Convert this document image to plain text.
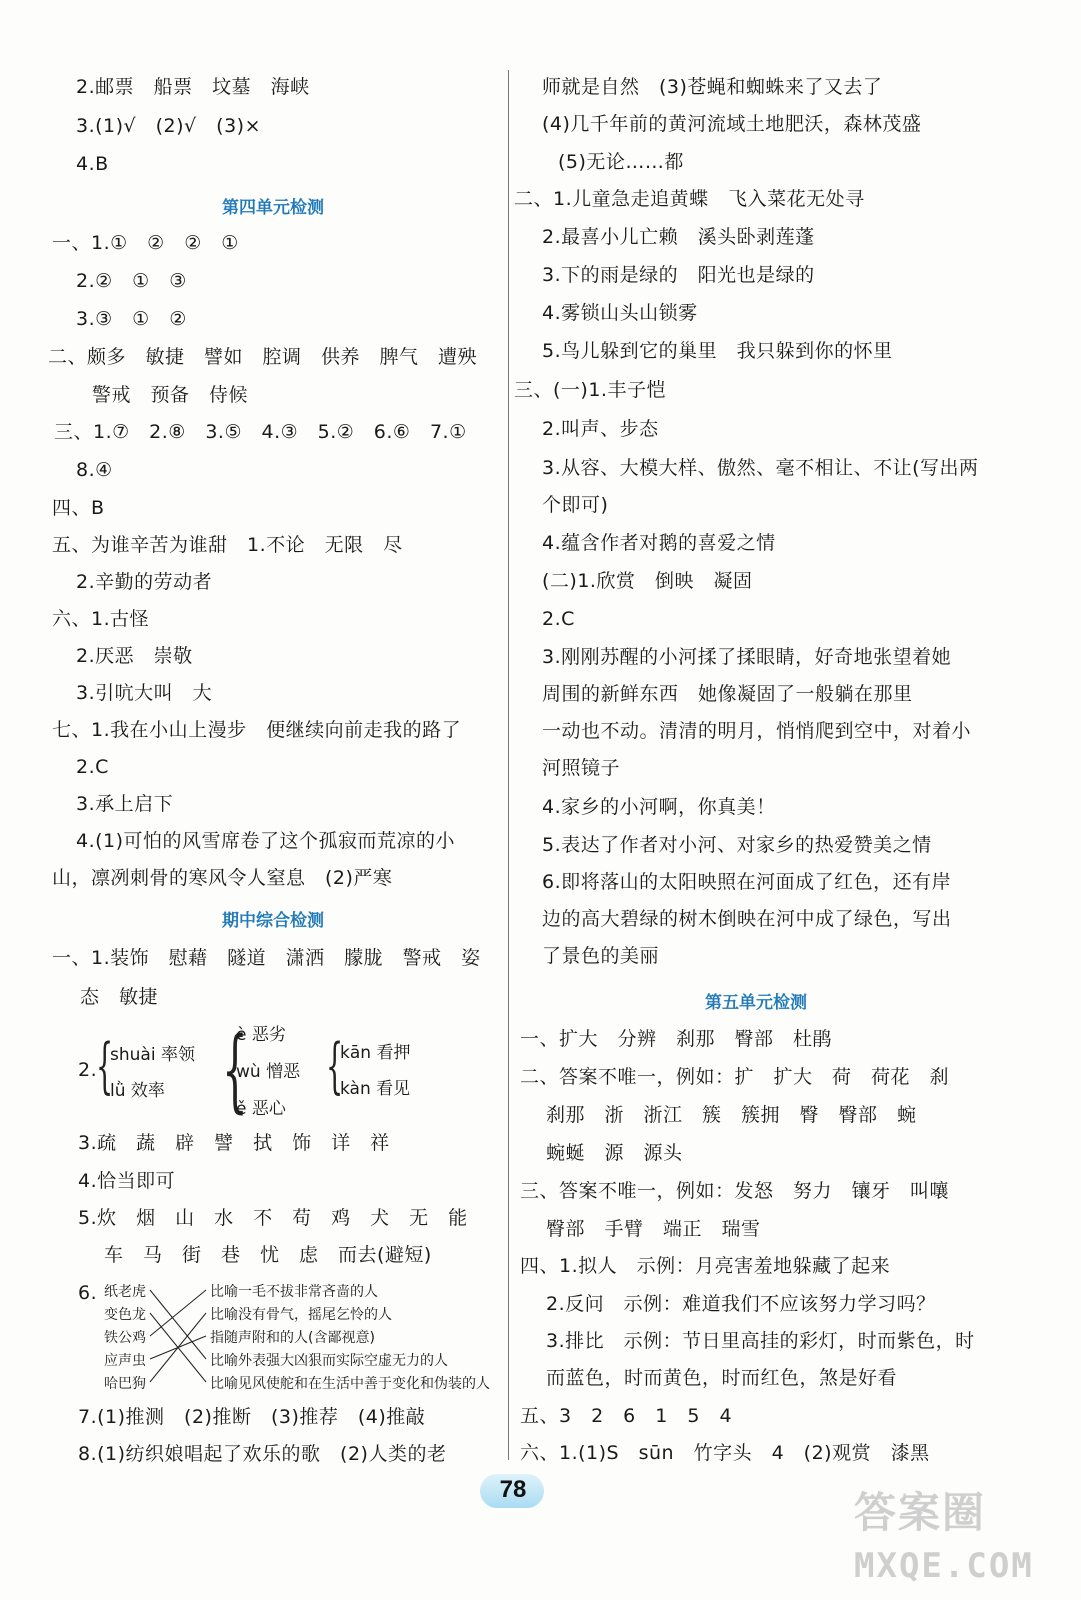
2.邮票　船票　坟墓　海峡
3.(1)√　(2)√　(3)×
4.B
第四单元检测
一、1.①　②　②　①
2.②　①　③
3.③　①　②
二、颇多　敏捷　譬如　腔调　供养　脾气　遭殃
警戒　预备　侍候
三、1.⑦　2.⑧　3.⑤　4.③　5.②　6.⑥　7.①
8.④
四、B
五、为谁辛苦为谁甜　1.不论　无限　尽
2.辛勤的劳动者
六、1.古怪
2.厌恶　崇敬
3.引吭大叫　大
七、1.我在小山上漫步　便继续向前走我的路了
2.C
3.承上启下
4.(1)可怕的风雪席卷了这个孤寂而荒凉的小
山，凛冽刺骨的寒风令人窒息　(2)严寒
期中综合检测
一、1.装饰　慰藉　隧道　潇洒　朦胧　警戒　姿
态　敏捷
2.
{
shuài 率领
lǜ 效率 {
è 恶劣
wù 憎恶
ě 恶心
{
kān 看押
kàn 看见
3.疏　蔬　辟　譬　拭　饰　详　祥
4.恰当即可
5.炊　烟　山　水　不　苟　鸡　犬　无　能
车　马　街　巷　忧　虑　而去(避短)
6. 纸老虎
变色龙
铁公鸡
应声虫
哈巴狗
比喻一毛不拔非常吝啬的人
比喻没有骨气，摇尾乞怜的人
指随声附和的人(含鄙视意)
比喻外表强大凶狠而实际空虚无力的人
比喻见风使舵和在生活中善于变化和伪装的人
7.(1)推测　(2)推断　(3)推荐　(4)推敲
8.(1)纺织娘唱起了欢乐的歌　(2)人类的老
师就是自然　(3)苍蝇和蜘蛛来了又去了
(4)几千年前的黄河流域土地肥沃，森林茂盛
(5)无论……都
二、1.儿童急走追黄蝶　飞入菜花无处寻
2.最喜小儿亡赖　溪头卧剥莲蓬
3.下的雨是绿的　阳光也是绿的
4.雾锁山头山锁雾
5.鸟儿躲到它的巢里　我只躲到你的怀里
三、(一)1.丰子恺
2.叫声、步态
3.从容、大模大样、傲然、毫不相让、不让(写出两
个即可)
4.蕴含作者对鹅的喜爱之情
(二)1.欣赏　倒映　凝固
2.C
3.刚刚苏醒的小河揉了揉眼睛，好奇地张望着她
周围的新鲜东西　她像凝固了一般躺在那里
一动也不动。清清的明月，悄悄爬到空中，对着小
河照镜子
4.家乡的小河啊，你真美！
5.表达了作者对小河、对家乡的热爱赞美之情
6.即将落山的太阳映照在河面成了红色，还有岸
边的高大碧绿的树木倒映在河中成了绿色，写出
了景色的美丽
第五单元检测
一、扩大　分辨　刹那　臀部　杜鹃
二、答案不唯一，例如：扩　扩大　荷　荷花　刹
刹那　浙　浙江　簇　簇拥　臀　臀部　蜿
蜿蜒　源　源头
三、答案不唯一，例如：发怒　努力　镶牙　叫嚷
臀部　手臂　端正　瑞雪
四、1.拟人　示例：月亮害羞地躲藏了起来
2.反问　示例：难道我们不应该努力学习吗？
3.排比　示例：节日里高挂的彩灯，时而紫色，时
而蓝色，时而黄色，时而红色，煞是好看
五、3　2　6　1　5　4
六、1.(1)S　sūn　竹字头　4　(2)观赏　漆黑
78	答案圈
MXQE.COM
